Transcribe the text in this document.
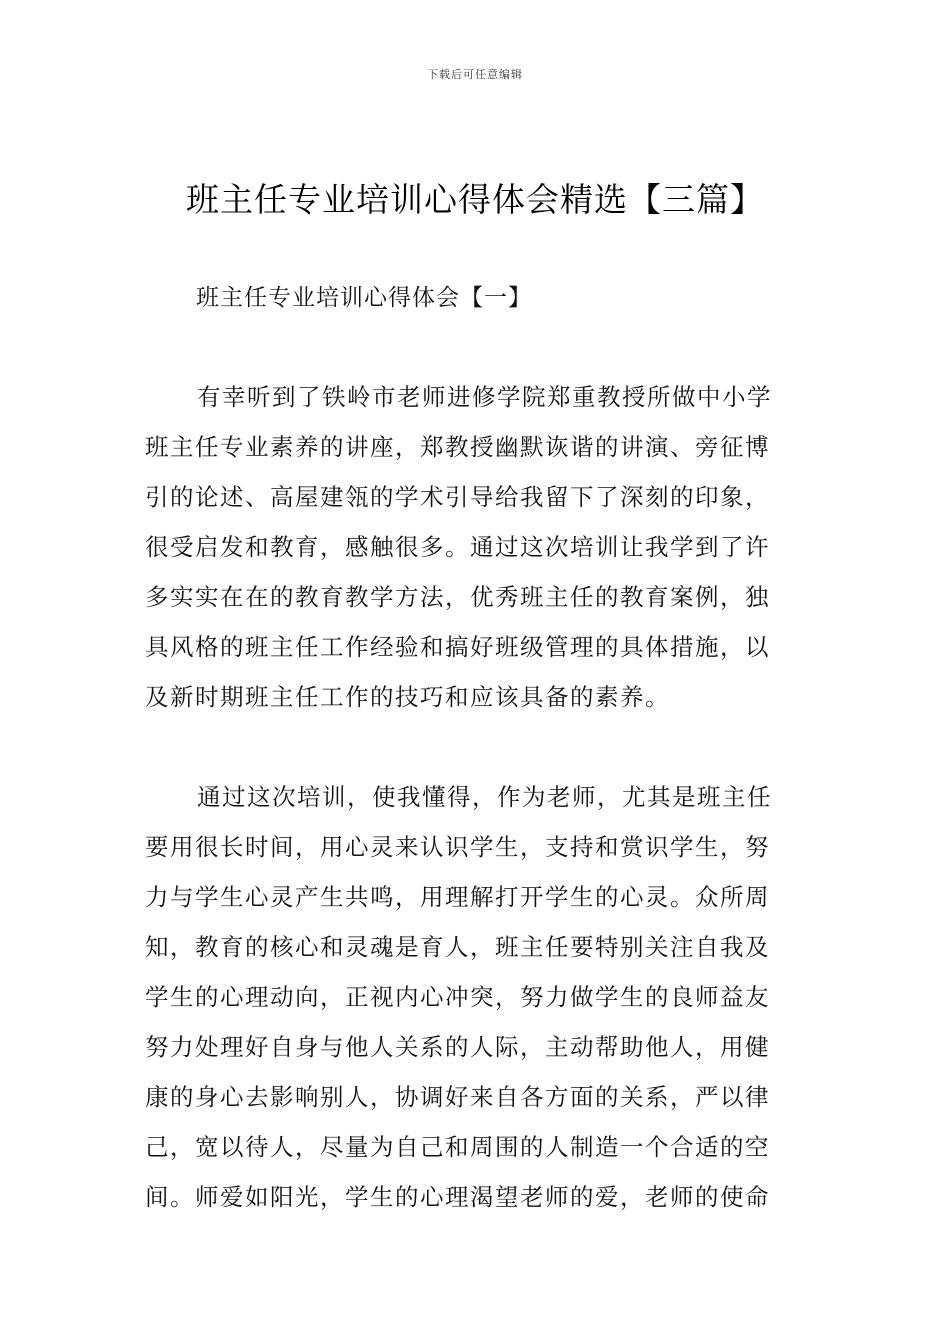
下载后可任意编辑
班主任专业培训心得体会精选【三篇】
班主任专业培训心得体会【一】
有幸听到了铁岭市老师进修学院郑重教授所做中小学
班主任专业素养的讲座，郑教授幽默诙谐的讲演、旁征博
引的论述、高屋建瓴的学术引导给我留下了深刻的印象，
很受启发和教育，感触很多。通过这次培训让我学到了许
多实实在在的教育教学方法，优秀班主任的教育案例，独
具风格的班主任工作经验和搞好班级管理的具体措施，以
及新时期班主任工作的技巧和应该具备的素养。
通过这次培训，使我懂得，作为老师，尤其是班主任
要用很长时间，用心灵来认识学生，支持和赏识学生，努
力与学生心灵产生共鸣，用理解打开学生的心灵。众所周
知，教育的核心和灵魂是育人，班主任要特别关注自我及
学生的心理动向，正视内心冲突，努力做学生的良师益友
努力处理好自身与他人关系的人际，主动帮助他人，用健
康的身心去影响别人，协调好来自各方面的关系，严以律
己，宽以待人，尽量为自己和周围的人制造一个合适的空
间。师爱如阳光，学生的心理渴望老师的爱，老师的使命
